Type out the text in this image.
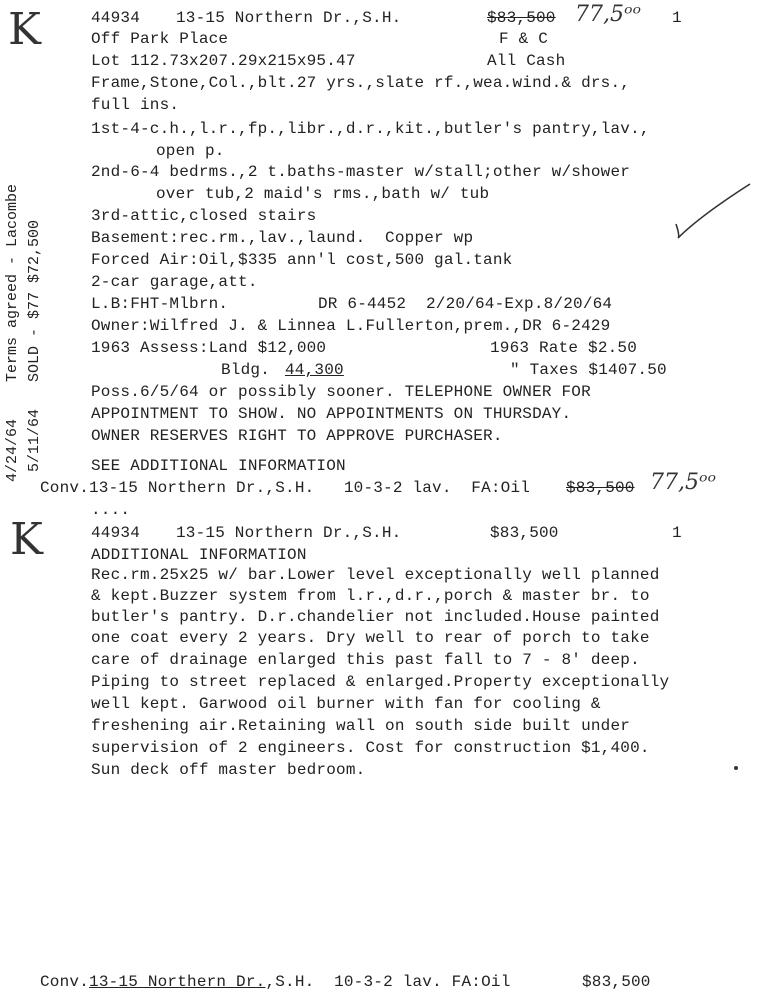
K	44934 13-15 Northern Dr.,S.H.	$83,500 77,5ᵒᵒ 1
Off Park Place	F & C
Lot 112.73x207.29x215x95.47	All Cash
Frame,Stone,Col.,blt.27 yrs.,slate rf.,wea.wind.& drs.,
full ins.
1st-4-c.h.,l.r.,fp.,libr.,d.r.,kit.,butler's pantry,lav.,
open p.
2nd-6-4 bedrms.,2 t.baths-master w/stall;other w/shower
over tub,2 maid's rms.,bath w/ tub
3rd-attic,closed stairs
Basement:rec.rm.,lav.,laund.  Copper wp
Forced Air:Oil,$335 ann'l cost,500 gal.tank
2-car garage,att.
L.B:FHT-Mlbrn.	DR 6-4452 2/20/64-Exp.8/20/64
Owner:Wilfred J. & Linnea L.Fullerton,prem.,DR 6-2429
1963 Assess:Land $12,000	1963 Rate $2.50
Bldg. 44,300	" Taxes $1407.50
Poss.6/5/64 or possibly sooner. TELEPHONE OWNER FOR
APPOINTMENT TO SHOW. NO APPOINTMENTS ON THURSDAY.
OWNER RESERVES RIGHT TO APPROVE PURCHASER.
SEE ADDITIONAL INFORMATION
Conv.13-15 Northern Dr.,S.H.   10-3-2 lav.  FA:Oil $83,500 77,5ᵒᵒ
....
Terms agreed - Lacombe SOLD - $77 $72,500
4/24/64 5/11/64
K	44934 13-15 Northern Dr.,S.H.	$83,500	1
ADDITIONAL INFORMATION
Rec.rm.25x25 w/ bar.Lower level exceptionally well planned
& kept.Buzzer system from l.r.,d.r.,porch & master br. to
butler's pantry. D.r.chandelier not included.House painted
one coat every 2 years. Dry well to rear of porch to take
care of drainage enlarged this past fall to 7 - 8' deep.
Piping to street replaced & enlarged.Property exceptionally
well kept. Garwood oil burner with fan for cooling &
freshening air.Retaining wall on south side built under
supervision of 2 engineers. Cost for construction $1,400.
Sun deck off master bedroom.
Conv.13-15 Northern Dr.,S.H.  10-3-2 lav. FA:Oil	$83,500
